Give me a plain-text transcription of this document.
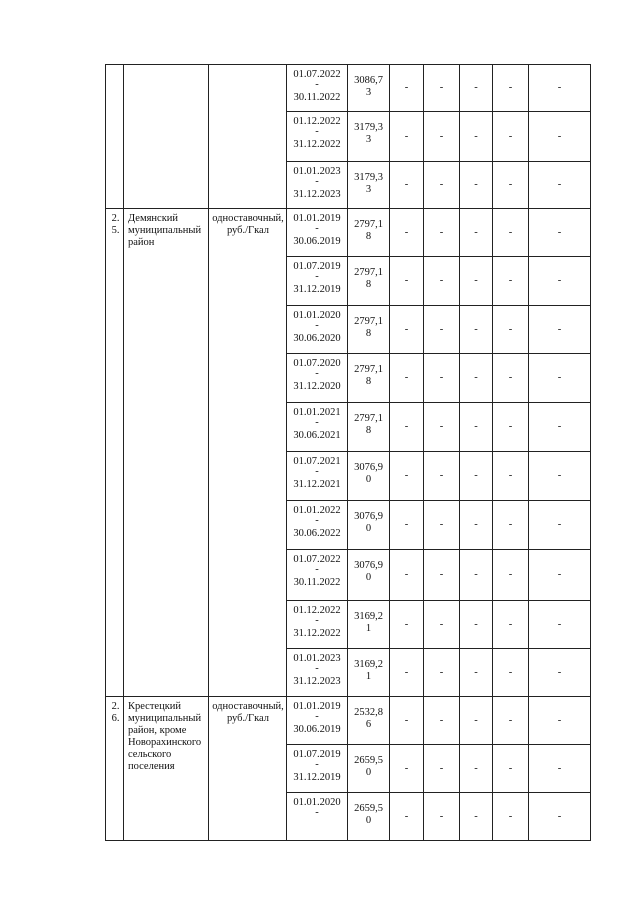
			01.07.2022
-
30.11.2022	3086,7
3	-	-	-	-	-

			01.12.2022
-
31.12.2022	3179,3
3	-	-	-	-	-

			01.01.2023
-
31.12.2023	3179,3
3	-	-	-	-	-

2.
5.	Демянский муниципальный район	одноставочный, руб./Гкал	01.01.2019
-
30.06.2019	2797,1
8	-	-	-	-	-

			01.07.2019
-
31.12.2019	2797,1
8	-	-	-	-	-

			01.01.2020
-
30.06.2020	2797,1
8	-	-	-	-	-

			01.07.2020
-
31.12.2020	2797,1
8	-	-	-	-	-

			01.01.2021
-
30.06.2021	2797,1
8	-	-	-	-	-

			01.07.2021
-
31.12.2021	3076,9
0	-	-	-	-	-

			01.01.2022
-
30.06.2022	3076,9
0	-	-	-	-	-

			01.07.2022
-
30.11.2022	3076,9
0	-	-	-	-	-

			01.12.2022
-
31.12.2022	3169,2
1	-	-	-	-	-

			01.01.2023
-
31.12.2023	3169,2
1	-	-	-	-	-

2.
6.	Крестецкий муниципальный район, кроме Новорахинского сельского поселения	одноставочный, руб./Гкал	01.01.2019
-
30.06.2019	2532,8
6	-	-	-	-	-

			01.07.2019
-
31.12.2019	2659,5
0	-	-	-	-	-

			01.01.2020
-	2659,5
0	-	-	-	-	-
